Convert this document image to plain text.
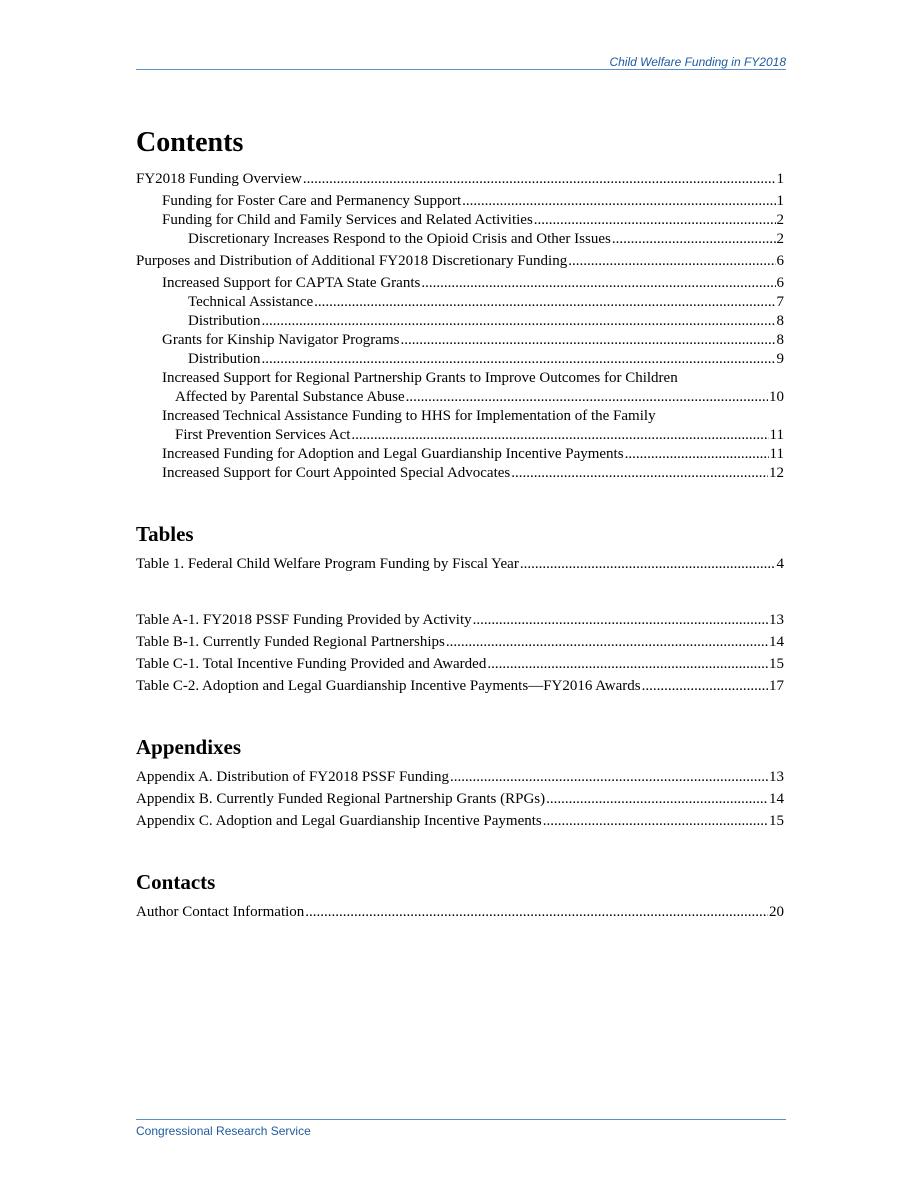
Child Welfare Funding in FY2018
Contents
FY2018 Funding Overview .....	1
Funding for Foster Care and Permanency Support .....	1
Funding for Child and Family Services and Related Activities .....	2
Discretionary Increases Respond to the Opioid Crisis and Other Issues .....	2
Purposes and Distribution of Additional FY2018 Discretionary Funding .....	6
Increased Support for CAPTA State Grants .....	6
Technical Assistance .....	7
Distribution .....	8
Grants for Kinship Navigator Programs .....	8
Distribution .....	9
Increased Support for Regional Partnership Grants to Improve Outcomes for Children
Affected by Parental Substance Abuse .....	10
Increased Technical Assistance Funding to HHS for Implementation of the Family
First Prevention Services Act .....	11
Increased Funding for Adoption and Legal Guardianship Incentive Payments .....	11
Increased Support for Court Appointed Special Advocates .....	12
Tables
Table 1. Federal Child Welfare Program Funding by Fiscal Year .....	4
Table A-1. FY2018 PSSF Funding Provided by Activity .....	13
Table B-1. Currently Funded Regional Partnerships .....	14
Table C-1. Total Incentive Funding Provided and Awarded .....	15
Table C-2. Adoption and Legal Guardianship Incentive Payments—FY2016 Awards .....	17
Appendixes
Appendix A. Distribution of FY2018 PSSF Funding .....	13
Appendix B. Currently Funded Regional Partnership Grants (RPGs) .....	14
Appendix C. Adoption and Legal Guardianship Incentive Payments .....	15
Contacts
Author Contact Information .....	20
Congressional Research Service
